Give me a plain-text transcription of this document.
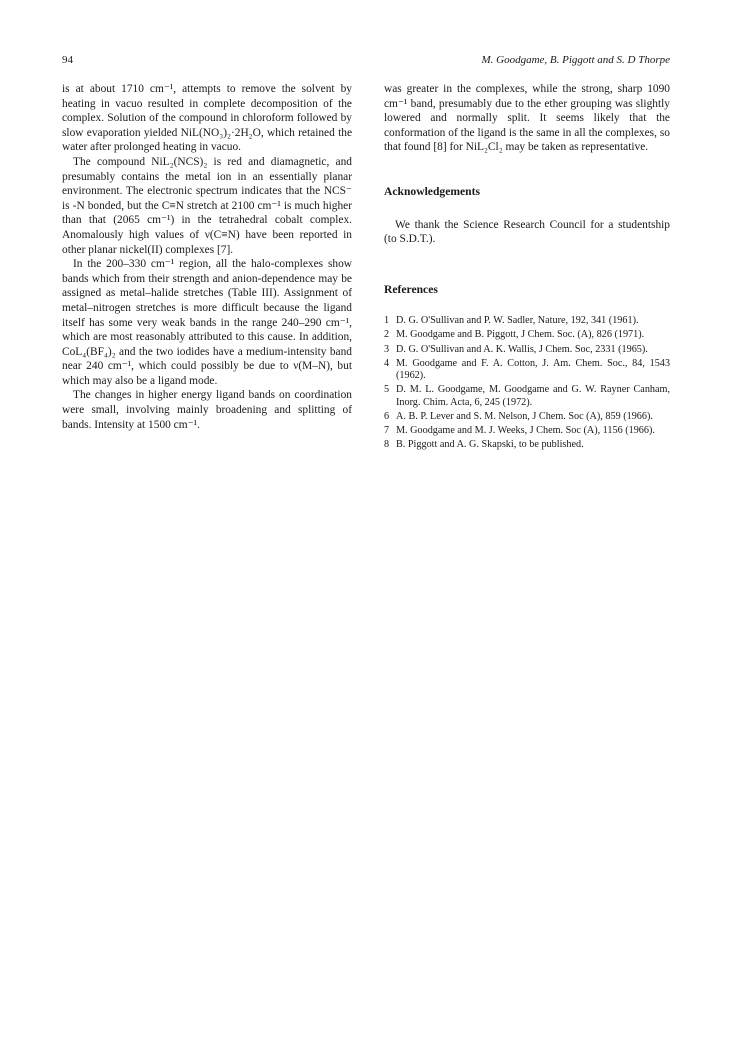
94	M. Goodgame, B. Piggott and S. D Thorpe

is at about 1710 cm⁻¹, attempts to remove the solvent by heating in vacuo resulted in complete decomposition of the complex. Solution of the compound in chloroform followed by slow evaporation yielded NiL(NO₃)₂·2H₂O, which retained the water after prolonged heating in vacuo.

The compound NiL₂(NCS)₂ is red and diamagnetic, and presumably contains the metal ion in an essentially planar environment. The electronic spectrum indicates that the NCS⁻ is -N bonded, but the C≡N stretch at 2100 cm⁻¹ is much higher than that (2065 cm⁻¹) in the tetrahedral cobalt complex. Anomalously high values of ν(C≡N) have been reported in other planar nickel(II) complexes [7].

In the 200–330 cm⁻¹ region, all the halo-complexes show bands which from their strength and anion-dependence may be assigned as metal–halide stretches (Table III). Assignment of metal–nitrogen stretches is more difficult because the ligand itself has some very weak bands in the range 240–290 cm⁻¹, which are most reasonably attributed to this cause. In addition, CoL₄(BF₄)₂ and the two iodides have a medium-intensity band near 240 cm⁻¹, which could possibly be due to ν(M–N), but which may also be a ligand mode.

The changes in higher energy ligand bands on coordination were small, involving mainly broadening and splitting of bands. Intensity at 1500 cm⁻¹.

was greater in the complexes, while the strong, sharp 1090 cm⁻¹ band, presumably due to the ether grouping was slightly lowered and normally split. It seems likely that the conformation of the ligand is the same in all the complexes, so that found [8] for NiL₂Cl₂ may be taken as representative.

Acknowledgements

We thank the Science Research Council for a studentship (to S.D.T.).

References
1 D. G. O'Sullivan and P. W. Sadler, Nature, 192, 341 (1961).
2 M. Goodgame and B. Piggott, J Chem. Soc. (A), 826 (1971).
3 D. G. O'Sullivan and A. K. Wallis, J Chem. Soc, 2331 (1965).
4 M. Goodgame and F. A. Cotton, J. Am. Chem. Soc., 84, 1543 (1962).
5 D. M. L. Goodgame, M. Goodgame and G. W. Rayner Canham, Inorg. Chim. Acta, 6, 245 (1972).
6 A. B. P. Lever and S. M. Nelson, J Chem. Soc (A), 859 (1966).
7 M. Goodgame and M. J. Weeks, J Chem. Soc (A), 1156 (1966).
8 B. Piggott and A. G. Skapski, to be published.
